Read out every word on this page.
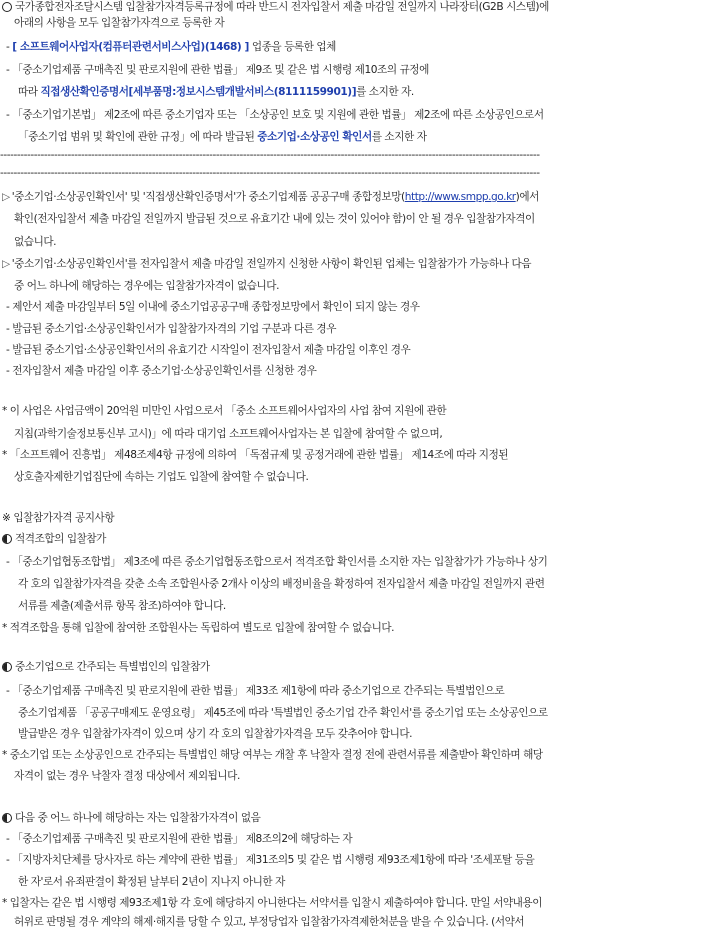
국가종합전자조달시스템 입찰참가자격등록규정에 따라 반드시 전자입찰서 제출 마감일 전일까지 나라장터(G2B 시스템)에
아래의 사항을 모두 입찰참가자격으로 등록한 자
- [ 소프트웨어사업자(컴퓨터관련서비스사업)(1468) ] 업종을 등록한 업체
- 「중소기업제품 구매촉진 및 판로지원에 관한 법률」 제9조 및 같은 법 시행령 제10조의 규정에
따라 직접생산확인증명서[세부품명:정보시스템개발서비스(8111159901)]를 소지한 자.
- 「중소기업기본법」 제2조에 따른 중소기업자 또는 「소상공인 보호 및 지원에 관한 법률」 제2조에 따른 소상공인으로서
「중소기업 범위 및 확인에 관한 규정」에 따라 발급된 중소기업·소상공인 확인서를 소지한 자
----------------------------------------------------------------------------------------------------------------------------------------------------------------
----------------------------------------------------------------------------------------------------------------------------------------------------------------
▷ '중소기업·소상공인확인서' 및 '직접생산확인증명서'가 중소기업제품 공공구매 종합정보망(http://www.smpp.go.kr)에서
확인(전자입찰서 제출 마감일 전일까지 발급된 것으로 유효기간 내에 있는 것이 있어야 함)이 안 될 경우 입찰참가자격이
없습니다.
▷ '중소기업·소상공인확인서'를 전자입찰서 제출 마감일 전일까지 신청한 사항이 확인된 업체는 입찰참가가 가능하나 다음
중 어느 하나에 해당하는 경우에는 입찰참가자격이 없습니다.
- 제안서 제출 마감일부터 5일 이내에 중소기업공공구매 종합정보망에서 확인이 되지 않는 경우
- 발급된 중소기업·소상공인확인서가 입찰참가자격의 기업 구분과 다른 경우
- 발급된 중소기업·소상공인확인서의 유효기간 시작일이 전자입찰서 제출 마감일 이후인 경우
- 전자입찰서 제출 마감일 이후 중소기업·소상공인확인서를 신청한 경우
* 이 사업은 사업금액이 20억원 미만인 사업으로서 「중소 소프트웨어사업자의 사업 참여 지원에 관한
지침(과학기술정보통신부 고시)」에 따라 대기업 소프트웨어사업자는 본 입찰에 참여할 수 없으며,
* 「소프트웨어 진흥법」 제48조제4항 규정에 의하여 「독점규제 및 공정거래에 관한 법률」 제14조에 따라 지정된
상호출자제한기업집단에 속하는 기업도 입찰에 참여할 수 없습니다.
※ 입찰참가자격 공지사항
적격조합의 입찰참가
- 「중소기업협동조합법」 제3조에 따른 중소기업협동조합으로서 적격조합 확인서를 소지한 자는 입찰참가가 가능하나 상기
각 호의 입찰참가자격을 갖춘 소속 조합원사중 2개사 이상의 배정비율을 확정하여 전자입찰서 제출 마감일 전일까지 관련
서류를 제출(제출서류 항목 참조)하여야 합니다.
* 적격조합을 통해 입찰에 참여한 조합원사는 독립하여 별도로 입찰에 참여할 수 없습니다.
중소기업으로 간주되는 특별법인의 입찰참가
- 「중소기업제품 구매촉진 및 판로지원에 관한 법률」 제33조 제1항에 따라 중소기업으로 간주되는 특별법인으로
중소기업제품 「공공구매제도 운영요령」 제45조에 따라 '특별법인 중소기업 간주 확인서'를 중소기업 또는 소상공인으로
발급받은 경우 입찰참가자격이 있으며 상기 각 호의 입찰참가자격을 모두 갖추어야 합니다.
* 중소기업 또는 소상공인으로 간주되는 특별법인 해당 여부는 개찰 후 낙찰자 결정 전에 관련서류를 제출받아 확인하며 해당
자격이 없는 경우 낙찰자 결정 대상에서 제외됩니다.
다음 중 어느 하나에 해당하는 자는 입찰참가자격이 없음
- 「중소기업제품 구매촉진 및 판로지원에 관한 법률」 제8조의2에 해당하는 자
- 「지방자치단체를 당사자로 하는 계약에 관한 법률」 제31조의5 및 같은 법 시행령 제93조제1항에 따라 '조세포탈 등을
한 자'로서 유죄판결이 확정된 날부터 2년이 지나지 아니한 자
* 입찰자는 같은 법 시행령 제93조제1항 각 호에 해당하지 아니한다는 서약서를 입찰시 제출하여야 합니다. 만일 서약내용이
허위로 판명될 경우 계약의 해제·해지를 당할 수 있고, 부정당업자 입찰참가자격제한처분을 받을 수 있습니다. (서약서
